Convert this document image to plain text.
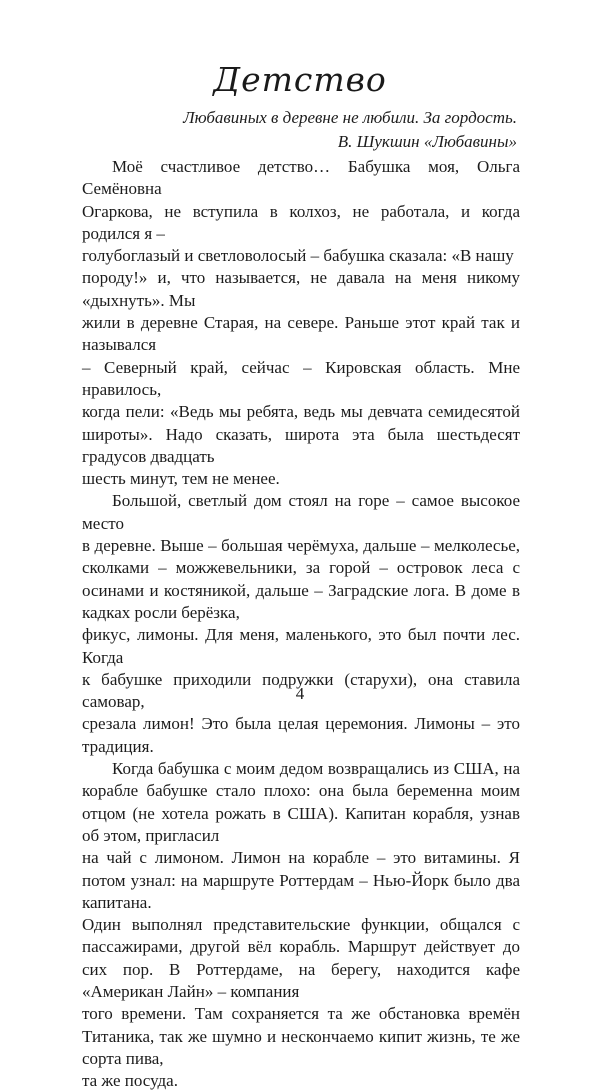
Детство

Любавиных в деревне не любили. За гордость.

В. Шукшин «Любавины»

Моё счастливое детство… Бабушка моя, Ольга Семёновна
Огаркова, не вступила в колхоз, не работала, и когда родился я –
голубоглазый и светловолосый – бабушка сказала: «В нашу
породу!» и, что называется, не давала на меня никому «дыхнуть». Мы
жили в деревне Старая, на севере. Раньше этот край так и назывался
– Северный край, сейчас – Кировская область. Мне нравилось,
когда пели: «Ведь мы ребята, ведь мы девчата семидесятой широты». Надо сказать, широта эта была шестьдесят градусов двадцать
шесть минут, тем не менее.

Большой, светлый дом стоял на горе – самое высокое место
в деревне. Выше – большая черёмуха, дальше – мелколесье, сколками – можжевельники, за горой – островок леса с осинами и костяникой, дальше – Заградские лога. В доме в кадках росли берёзка,
фикус, лимоны. Для меня, маленького, это был почти лес. Когда
к бабушке приходили подружки (старухи), она ставила самовар,
срезала лимон! Это была целая церемония. Лимоны – это традиция.

Когда бабушка с моим дедом возвращались из США, на корабле бабушке стало плохо: она была беременна моим отцом (не хотела рожать в США). Капитан корабля, узнав об этом, пригласил
на чай с лимоном. Лимон на корабле – это витамины. Я потом узнал: на маршруте Роттердам – Нью-Йорк было два капитана.
Один выполнял представительские функции, общался с пассажирами, другой вёл корабль. Маршрут действует до сих пор. В Роттердаме, на берегу, находится кафе «Американ Лайн» – компания
того времени. Там сохраняется та же обстановка времён Титаника, так же шумно и нескончаемо кипит жизнь, те же сорта пива,
та же посуда.

4
